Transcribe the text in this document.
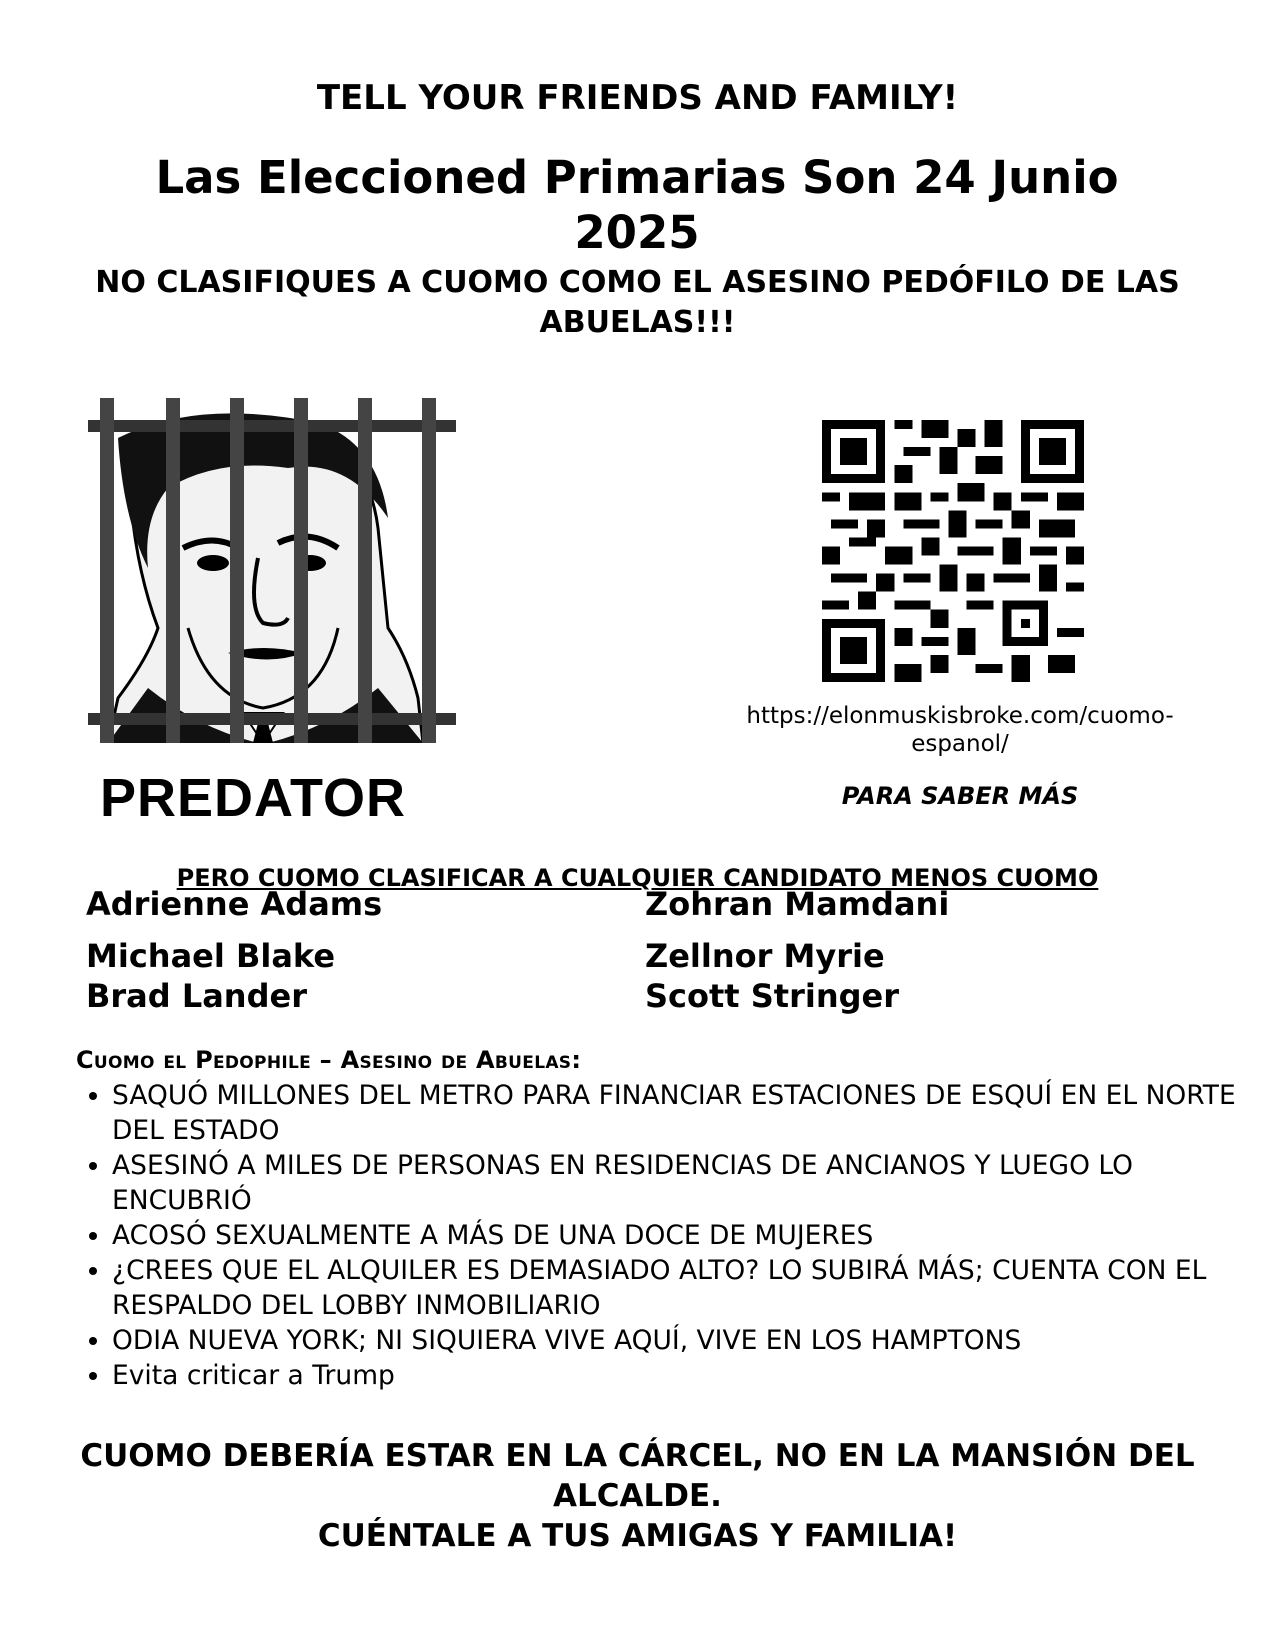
TELL YOUR FRIENDS AND FAMILY!
Las Eleccioned Primarias Son 24 Junio 2025
NO CLASIFIQUES A CUOMO COMO EL ASESINO PEDÓFILO DE LAS ABUELAS!!!
PREDATOR
https://elonmuskisbroke.com/cuomo-espanol/
PARA SABER MÁS
PERO CUOMO CLASIFICAR A CUALQUIER CANDIDATO MENOS CUOMO
Adrienne Adams
Michael Blake
Brad Lander
Zohran Mamdani
Zellnor Myrie
Scott Stringer
Cuomo el Pedophile – Asesino de Abuelas:
• SAQUÓ MILLONES DEL METRO PARA FINANCIAR ESTACIONES DE ESQUÍ EN EL NORTE DEL ESTADO
• ASESINÓ A MILES DE PERSONAS EN RESIDENCIAS DE ANCIANOS Y LUEGO LO ENCUBRIÓ
• ACOSÓ SEXUALMENTE A MÁS DE UNA DOCE DE MUJERES
• ¿CREES QUE EL ALQUILER ES DEMASIADO ALTO? LO SUBIRÁ MÁS; CUENTA CON EL RESPALDO DEL LOBBY INMOBILIARIO
• ODIA NUEVA YORK; NI SIQUIERA VIVE AQUÍ, VIVE EN LOS HAMPTONS
• Evita criticar a Trump
CUOMO DEBERÍA ESTAR EN LA CÁRCEL, NO EN LA MANSIÓN DEL ALCALDE.
CUÉNTALE A TUS AMIGAS Y FAMILIA!
